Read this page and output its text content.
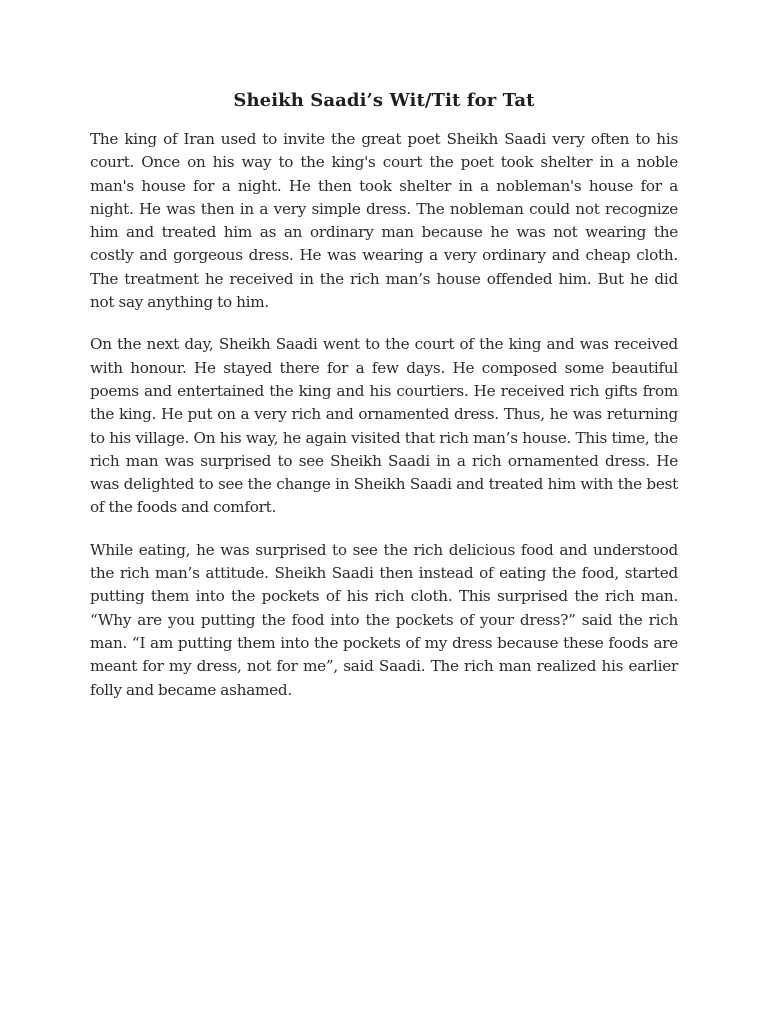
Sheikh Saadi’s Wit/Tit for Tat

The king of Iran used to invite the great poet Sheikh Saadi very often to his court. Once on his way to the king's court the poet took shelter in a noble man's house for a night. He then took shelter in a nobleman's house for a night. He was then in a very simple dress. The nobleman could not recognize him and treated him as an ordinary man because he was not wearing the costly and gorgeous dress. He was wearing a very ordinary and cheap cloth. The treatment he received in the rich man’s house offended him. But he did not say anything to him.

On the next day, Sheikh Saadi went to the court of the king and was received with honour. He stayed there for a few days. He composed some beautiful poems and entertained the king and his courtiers. He received rich gifts from the king. He put on a very rich and ornamented dress. Thus, he was returning to his village. On his way, he again visited that rich man’s house. This time, the rich man was surprised to see Sheikh Saadi in a rich ornamented dress. He was delighted to see the change in Sheikh Saadi and treated him with the best of the foods and comfort.

While eating, he was surprised to see the rich delicious food and understood the rich man’s attitude. Sheikh Saadi then instead of eating the food, started putting them into the pockets of his rich cloth. This surprised the rich man. “Why are you putting the food into the pockets of your dress?” said the rich man. “I am putting them into the pockets of my dress because these foods are meant for my dress, not for me”, said Saadi. The rich man realized his earlier folly and became ashamed.
